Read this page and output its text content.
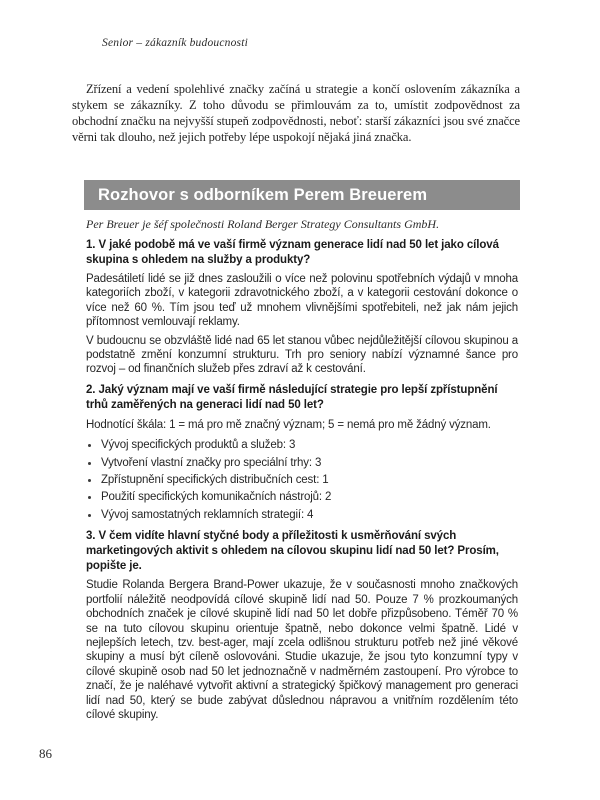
Senior – zákazník budoucnosti

Zřízení a vedení spolehlivé značky začíná u strategie a končí oslovením zákazníka a stykem se zákazníky. Z toho důvodu se přimlouvám za to, umístit zodpovědnost za obchodní značku na nejvyšší stupeň zodpovědnosti, neboť: starší zákazníci jsou své značce věrni tak dlouho, než jejich potřeby lépe uspokojí nějaká jiná značka.

Rozhovor s odborníkem Perem Breuerem

Per Breuer je šéf společnosti Roland Berger Strategy Consultants GmbH.

1. V jaké podobě má ve vaší firmě význam generace lidí nad 50 let jako cílová skupina s ohledem na služby a produkty?

Padesátiletí lidé se již dnes zasloužili o více než polovinu spotřebních výdajů v mnoha kategoriích zboží, v kategorii zdravotnického zboží, a v kategorii cestování dokonce o více než 60 %. Tím jsou teď už mnohem vlivnějšími spotřebiteli, než jak nám jejich přítomnost vemlouvají reklamy.

V budoucnu se obzvláště lidé nad 65 let stanou vůbec nejdůležitější cílovou skupinou a podstatně změní konzumní strukturu. Trh pro seniory nabízí významné šance pro rozvoj – od finančních služeb přes zdraví až k cestování.

2. Jaký význam mají ve vaší firmě následující strategie pro lepší zpřístupnění trhů zaměřených na generaci lidí nad 50 let?

Hodnotící škála: 1 = má pro mě značný význam; 5 = nemá pro mě žádný význam.

Vývoj specifických produktů a služeb: 3
Vytvoření vlastní značky pro speciální trhy: 3
Zpřístupnění specifických distribučních cest: 1
Použití specifických komunikačních nástrojů: 2
Vývoj samostatných reklamních strategií: 4

3. V čem vidíte hlavní styčné body a příležitosti k usměrňování svých marketingových aktivit s ohledem na cílovou skupinu lidí nad 50 let? Prosím, popište je.

Studie Rolanda Bergera Brand-Power ukazuje, že v současnosti mnoho značkových portfolií náležitě neodpovídá cílové skupině lidí nad 50. Pouze 7 % prozkoumaných obchodních značek je cílové skupině lidí nad 50 let dobře přizpůsobeno. Téměř 70 % se na tuto cílovou skupinu orientuje špatně, nebo dokonce velmi špatně. Lidé v nejlepších letech, tzv. best-ager, mají zcela odlišnou strukturu potřeb než jiné věkové skupiny a musí být cíleně oslovováni. Studie ukazuje, že jsou tyto konzumní typy v cílové skupině osob nad 50 let jednoznačně v nadměrném zastoupení. Pro výrobce to značí, že je naléhavé vytvořit aktivní a strategický špičkový management pro generaci lidí nad 50, který se bude zabývat důslednou nápravou a vnitřním rozdělením této cílové skupiny.

86
